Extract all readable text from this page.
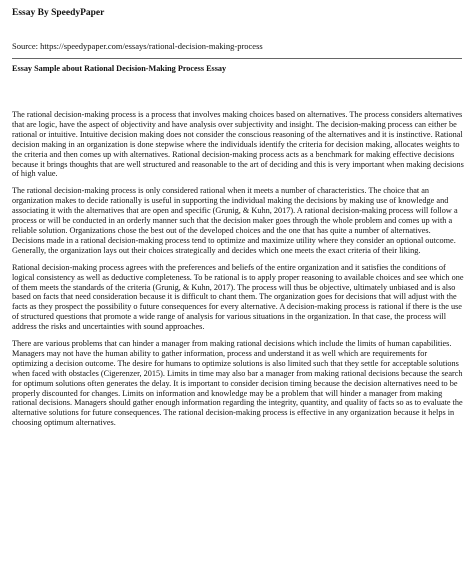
Essay By SpeedyPaper
Source: https://speedypaper.com/essays/rational-decision-making-process
Essay Sample about Rational Decision-Making Process Essay

The rational decision-making process is a process that involves making choices based on alternatives. The process considers alternatives that are logic, have the aspect of objectivity and have analysis over subjectivity and insight. The decision-making process can either be rational or intuitive. Intuitive decision making does not consider the conscious reasoning of the alternatives and it is instinctive. Rational decision making in an organization is done stepwise where the individuals identify the criteria for decision making, allocates weights to the criteria and then comes up with alternatives. Rational decision-making process acts as a benchmark for making effective decisions because it brings thoughts that are well structured and reasonable to the art of deciding and this is very important when making decisions of high value.

The rational decision-making process is only considered rational when it meets a number of characteristics. The choice that an organization makes to decide rationally is useful in supporting the individual making the decisions by making use of knowledge and associating it with the alternatives that are open and specific (Grunig, & Kuhn, 2017). A rational decision-making process will follow a process or will be conducted in an orderly manner such that the decision maker goes through the whole problem and comes up with a reliable solution. Organizations chose the best out of the developed choices and the one that has quite a number of alternatives. Decisions made in a rational decision-making process tend to optimize and maximize utility where they consider an optional outcome. Generally, the organization lays out their choices strategically and decides which one meets the exact criteria of their liking.

Rational decision-making process agrees with the preferences and beliefs of the entire organization and it satisfies the conditions of logical consistency as well as deductive completeness. To be rational is to apply proper reasoning to available choices and see which one of them meets the standards of the criteria (Grunig, & Kuhn, 2017). The process will thus be objective, ultimately unbiased and is also based on facts that need consideration because it is difficult to chant them. The organization goes for decisions that will adjust with the facts as they prospect the possibility o future consequences for every alternative. A decision-making process is rational if there is the use of structured questions that promote a wide range of analysis for various situations in the organization. In that case, the process will address the risks and uncertainties with sound approaches.

There are various problems that can hinder a manager from making rational decisions which include the limits of human capabilities. Managers may not have the human ability to gather information, process and understand it as well which are requirements for optimizing a decision outcome. The desire for humans to optimize solutions is also limited such that they settle for acceptable solutions when faced with obstacles (Cigerenzer, 2015). Limits in time may also bar a manager from making rational decisions because the search for optimum solutions often generates the delay. It is important to consider decision timing because the decision alternatives need to be properly discounted for changes. Limits on information and knowledge may be a problem that will hinder a manager from making rational decisions. Managers should gather enough information regarding the integrity, quantity, and quality of facts so as to evaluate the alternative solutions for future consequences. The rational decision-making process is effective in any organization because it helps in choosing optimum alternatives.
